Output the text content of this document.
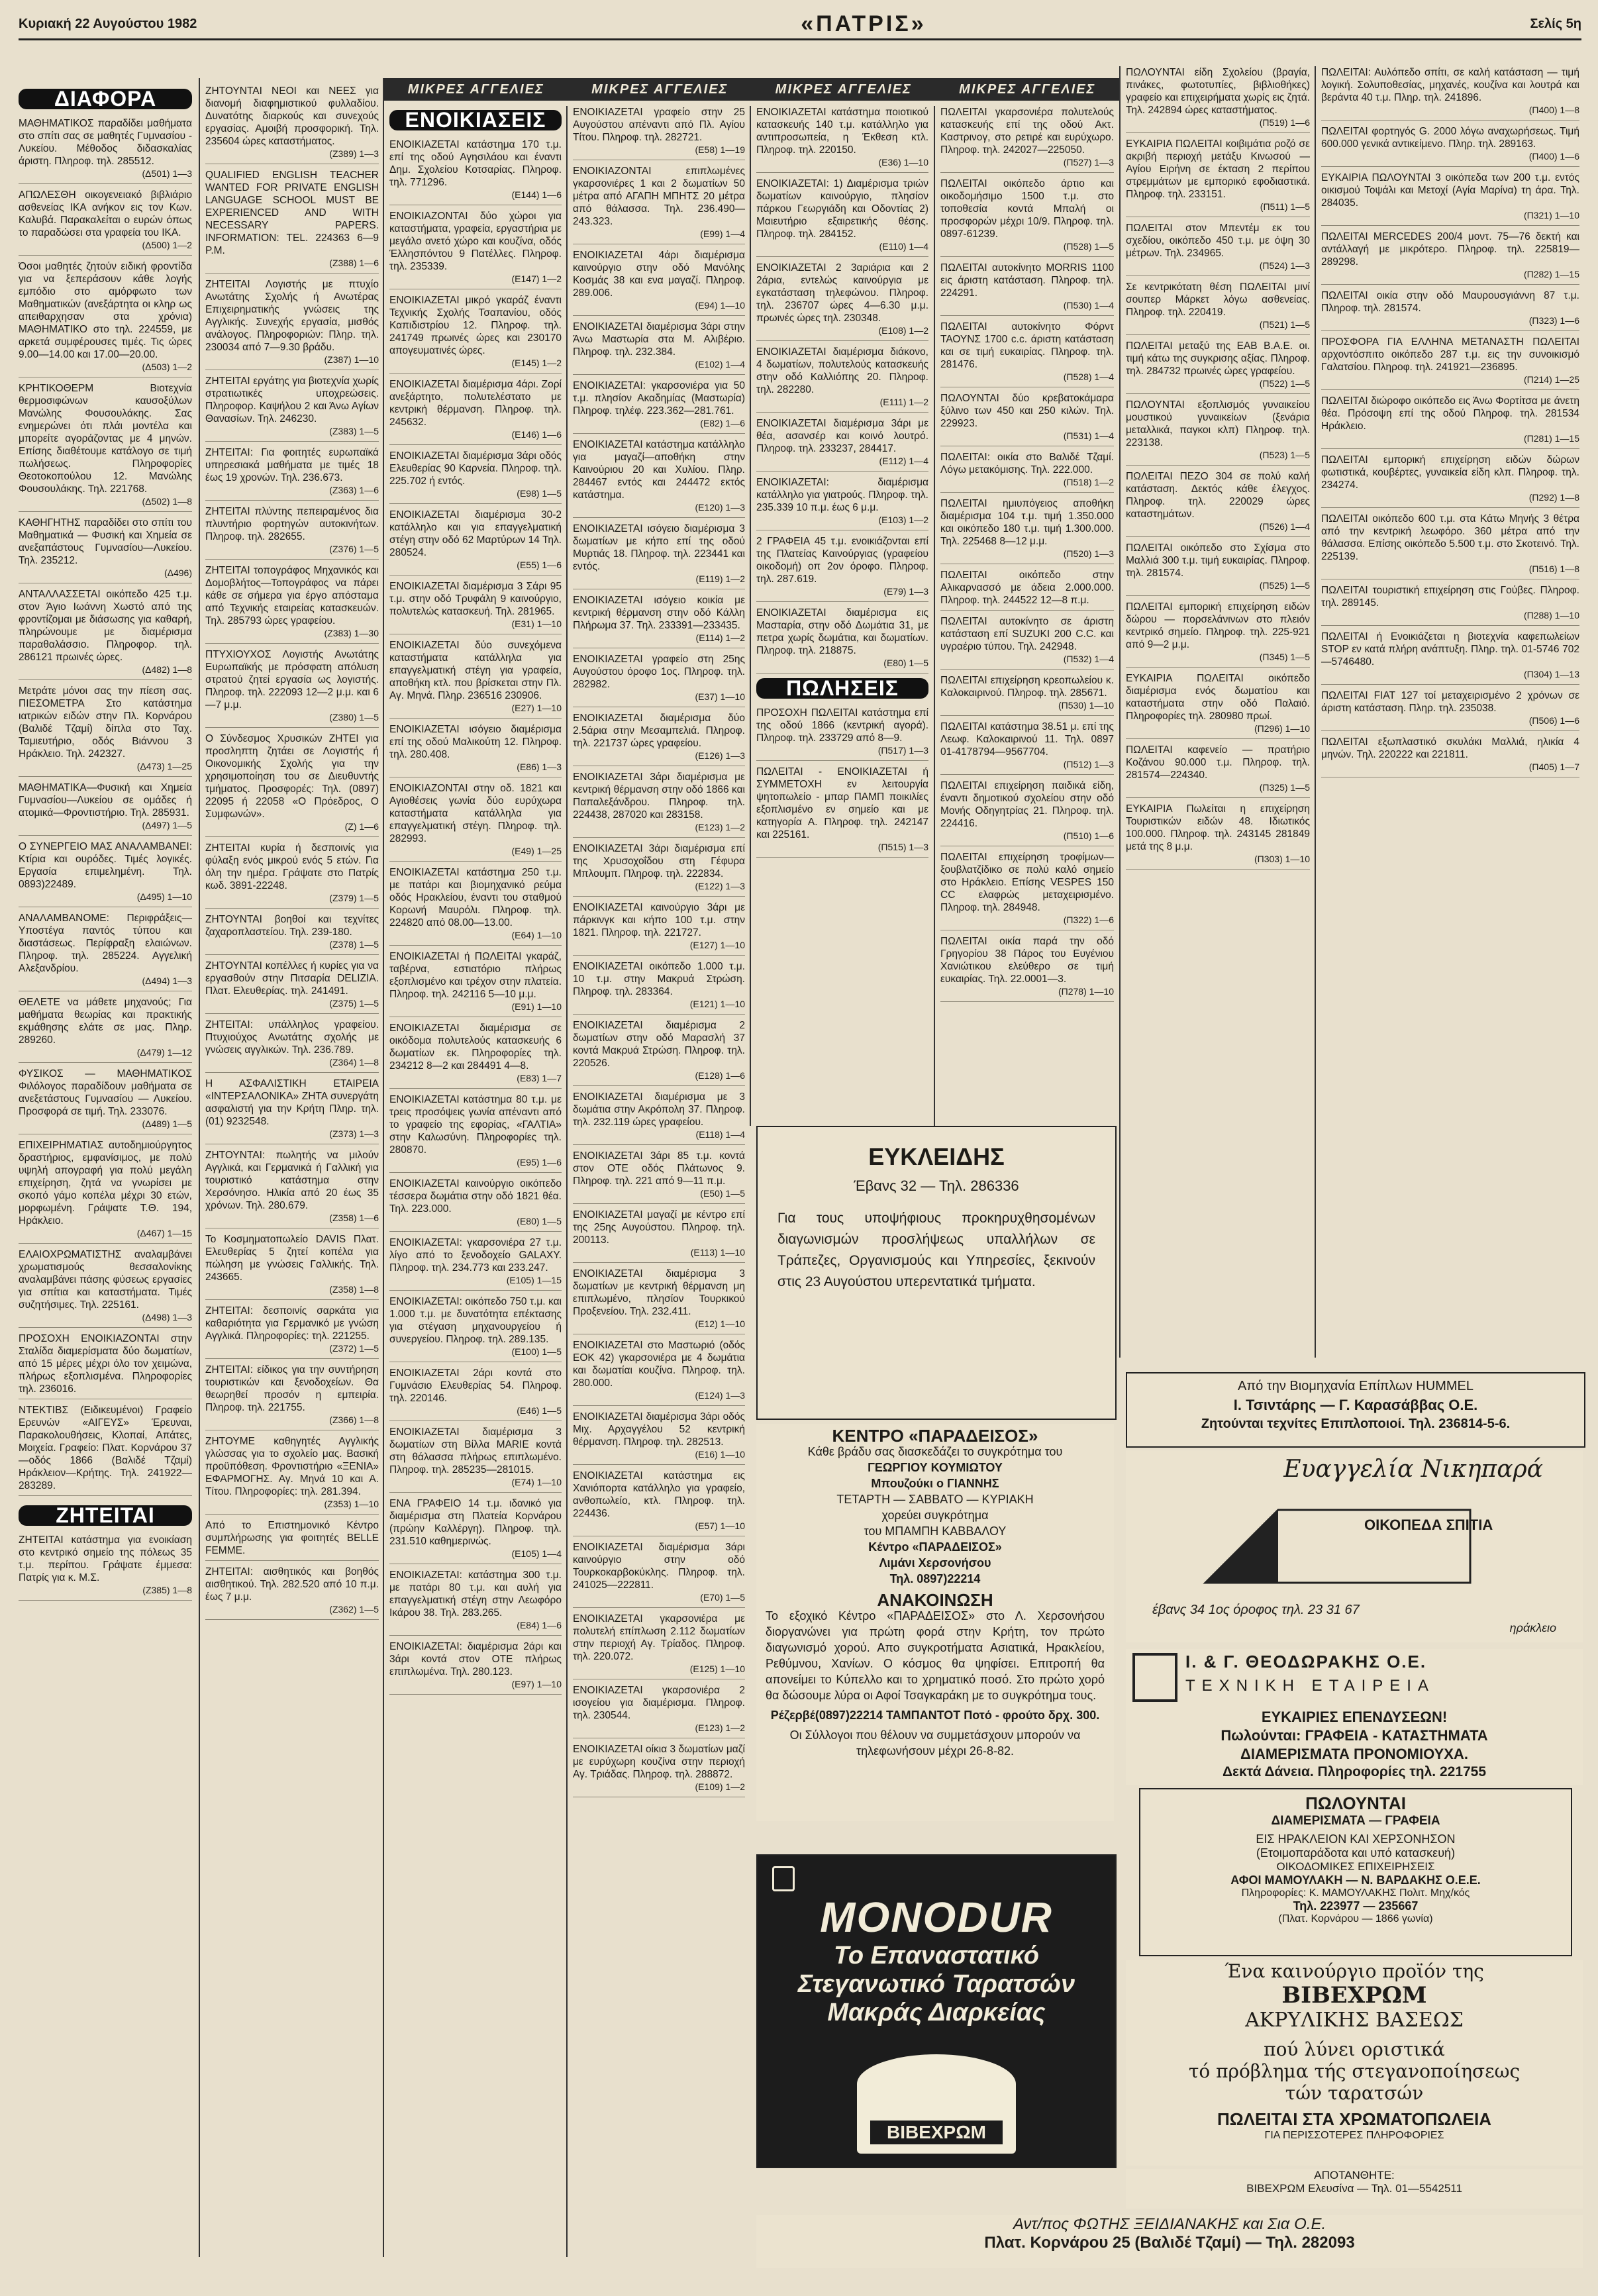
Κυριακή 22 Αυγούστου 1982	«ΠΑΤΡΙΣ»	Σελίς 5η
ΜΙΚΡΕΣ ΑΓΓΕΛΙΕΣ	ΜΙΚΡΕΣ ΑΓΓΕΛΙΕΣ	ΜΙΚΡΕΣ ΑΓΓΕΛΙΕΣ	ΜΙΚΡΕΣ ΑΓΓΕΛΙΕΣ
ΔΙΑΦΟΡΑ
ΜΑΘΗΜΑΤΙΚΟΣ παραδίδει μαθήματα στο σπίτι σας σε μαθητές Γυμνασίου - Λυκείου. Μέθοδος διδασκαλίας άριστη. Πληροφ. τηλ. 285512.
(Δ501) 1—3
ΑΠΩΛΕΣΘΗ οικογενειακό βιβλιάριο ασθενείας ΙΚΑ ανήκον εις τον Κων. Καλυβά. Παρακαλείται ο ευρών όπως το παραδώσει στα γραφεία του ΙΚΑ.
(Δ500) 1—2
Όσοι μαθητές ζητούν ειδική φροντίδα για να ξεπεράσουν κάθε λογής εμπόδιο στο αμόρφωτο των Μαθηματικών (ανεξάρτητα οι κληρ ως απειθαρχησαν στα χρόνια) ΜΑΘΗΜΑΤΙΚΟ στο τηλ. 224559, με αρκετά συμφέρουσες τιμές. Τις ώρες 9.00—14.00 και 17.00—20.00.
(Δ503) 1—2
ΚΡΗΤΙΚΟΘΕΡΜ Βιοτεχνία θερμοσιφώνων καυσοξύλων Μανώλης Φουσουλάκης. Σας ενημερώνει ότι πλάι μοντέλα και μπορείτε αγοράζοντας με 4 μηνών. Επίσης διαθέτουμε κατάλογο σε τιμή πωλήσεως. Πληροφορίες Θεοτοκοπούλου 12. Μανώλης Φουσουλάκης. Τηλ. 221768.
(Δ502) 1—8
ΚΑΘΗΓΗΤΗΣ παραδίδει στο σπίτι του Μαθηματικά — Φυσική και Χημεία σε ανεξαπάστους Γυμνασίου—Λυκείου. Τηλ. 235212.
(Δ496)
ΑΝΤΑΛΛΑΣΣΕΤΑΙ οικόπεδο 425 τ.μ. στον Άγιο Ιωάννη Χωστό από της φροντίζομαι με διάσωσης για καθαρή, πληρώνουμε με διαμέρισμα παραθαλάσσιο. Πληροφορ. τηλ. 286121 πρωινές ώρες.
(Δ482) 1—8
Μετράτε μόνοι σας την πίεση σας. ΠΙΕΣΟΜΕΤΡΑ Στο κατάστημα ιατρικών ειδών στην Πλ. Κορνάρου (Βαλιδέ Τζαμί) δίπλα στο Ταχ. Ταμιευτήριο, οδός Βιάννου 3 Ηράκλειο. Τηλ. 242327.
(Δ473) 1—25
ΜΑΘΗΜΑΤΙΚΑ—Φυσική και Χημεία Γυμνασίου—Λυκείου σε ομάδες ή ατομικά—Φροντιστήριο. Τηλ. 285931.
(Δ497) 1—5
Ο ΣΥΝΕΡΓΕΙΟ ΜΑΣ ΑΝΑΛΑΜΒΑΝΕΙ: Κτίρια και ουρόδες. Τιμές λογικές. Εργασία επιμελημένη. Τηλ. 0893)22489.
(Δ495) 1—10
ΑΝΑΛΑΜΒΑΝΟΜΕ: Περιφράξεις—Υποστέγα παντός τύπου και διαστάσεως. Περίφραξη ελαιώνων. Πληροφ. τηλ. 285224. Αγγελική Αλεξανδρίου.
(Δ494) 1—3
ΘΕΛΕΤΕ να μάθετε μηχανούς; Για μαθήματα θεωρίας και πρακτικής εκμάθησης ελάτε σε μας. Πληρ. 289260.
(Δ479) 1—12
ΦΥΣΙΚΟΣ — ΜΑΘΗΜΑΤΙΚΟΣ Φιλόλογος παραδίδουν μαθήματα σε ανεξετάστους Γυμνασίου — Λυκείου. Προσφορά σε τιμή. Τηλ. 233076.
(Δ489) 1—5
ΕΠΙΧΕΙΡΗΜΑΤΙΑΣ αυτοδημιούργητος δραστήριος, εμφανίσιμος, με πολύ υψηλή απογραφή για πολύ μεγάλη επιχείρηση, ζητά να γνωρίσει με σκοπό γάμο κοπέλα μέχρι 30 ετών, μορφωμένη. Γράψατε Τ.Θ. 194, Ηράκλειο.
(Δ467) 1—15
ΕΛΑΙΟΧΡΩΜΑΤΙΣΤΗΣ αναλαμβάνει χρωματισμούς θεσσαλονίκης αναλαμβάνει πάσης φύσεως εργασίες για σπίτια και καταστήματα. Τιμές συζητήσιμες. Τηλ. 225161.
(Δ498) 1—3
ΠΡΟΣΟΧΗ ΕΝΟΙΚΙΑΖΟΝΤΑΙ στην Σταλίδα διαμερίσματα δύο δωματίων, από 15 μέρες μέχρι όλο τον χειμώνα, πλήρως εξοπλισμένα. Πληροφορίες τηλ. 236016.
ΝΤΕΚΤΙΒΣ (Ειδικευμένοι) Γραφείο Ερευνών «ΑΙΓΕΥΣ» Έρευναι, Παρακολουθήσεις, Κλοπαί, Απάτες, Μοιχεία. Γραφείο: Πλατ. Κορνάρου 37—οδός 1866 (Βαλιδέ Τζαμί) Ηράκλειον—Κρήτης. Τηλ. 241922—283289.
ΖΗΤΕΙΤΑΙ
ΖΗΤΕΙΤΑΙ κατάστημα για ενοικίαση στο κεντρικό σημείο της πόλεως 35 τ.μ. περίπου. Γράψατε έμμεσα: Πατρίς για κ. Μ.Σ.
(Z385) 1—8
ΖΗΤΟΥΝΤΑΙ ΝΕΟΙ και ΝΕΕΣ για διανομή διαφημιστικού φυλλαδίου. Δυνατότης διαρκούς και συνεχούς εργασίας. Αμοιβή προσφορική. Τηλ. 235604 ώρες καταστήματος.
(Z389) 1—3
QUALIFIED ENGLISH TEACHER WANTED FOR PRIVATE ENGLISH LANGUAGE SCHOOL MUST BE EXPERIENCED AND WITH NECESSARY PAPERS. INFORMATION: TEL. 224363 6—9 P.M.
(Z388) 1—6
ΖΗΤΕΙΤΑΙ Λογιστής με πτυχίο Ανωτάτης Σχολής ή Ανωτέρας Επιχειρηματικής γνώσεις της Αγγλικής. Συνεχής εργασία, μισθός ανάλογος. Πληροφοριών: Πληρ. τηλ. 230034 από 7—9.30 βράδυ.
(Z387) 1—10
ΖΗΤΕΙΤΑΙ εργάτης για βιοτεχνία χωρίς στρατιωτικές υποχρεώσεις. Πληροφορ. Καψήλου 2 και Άνω Αγίων Θανασίων. Τηλ. 246230.
(Z383) 1—5
ΖΗΤΕΙΤΑΙ: Για φοιτητές ευρωπαϊκά υπηρεσιακά μαθήματα με τιμές 18 έως 19 χρονών. Τηλ. 236.673.
(Z363) 1—6
ΖΗΤΕΙΤΑΙ πλύντης πεπειραμένος δια πλυντήριο φορτηγών αυτοκινήτων. Πληροφ. τηλ. 282655.
(Z376) 1—5
ΖΗΤΕΙΤΑΙ τοπογράφος Μηχανικός και Δομοβλήτος—Τοπογράφος να πάρει κάθε σε σήμερα για έργο απόσταμα από Τεχνικής εταιρείας κατασκευών. Τηλ. 285793 ώρες γραφείου.
(Z383) 1—30
ΠΤΥΧΙΟΥΧΟΣ Λογιστής Ανωτάτης Ευρωπαϊκής με πρόσφατη απόλυση στρατού ζητεί εργασία ως λογιστής. Πληροφ. τηλ. 222093 12—2 μ.μ. και 6—7 μ.μ.
(Z380) 1—5
Ο Σύνδεσμος Χρυσικών ΖΗΤΕΙ για προσληπτη ζητάει σε Λογιστής ή Οικονομικής Σχολής για την χρησιμοποίηση του σε Διευθυντής τμήματος. Προσφορές: Τηλ. (0897) 22095 ή 22058 «Ο Πρόεδρος, Ο Συμφωνών».
(Z) 1—6
ΖΗΤΕΙΤΑΙ κυρία ή δεσποινίς για φύλαξη ενός μικρού ενός 5 ετών. Για όλη την ημέρα. Γράψατε στο Πατρίς κωδ. 3891-22248.
(Z379) 1—5
ΖΗΤΟΥΝΤΑΙ βοηθοί και τεχνίτες ζαχαροπλαστείου. Τηλ. 239-180.
(Z378) 1—5
ΖΗΤΟΥΝΤΑΙ κοπέλλες ή κυρίες για να εργασθούν στην Πιτσαρία DELIZIA. Πλατ. Ελευθερίας. τηλ. 241491.
(Z375) 1—5
ΖΗΤΕΙΤΑΙ: υπάλληλος γραφείου. Πτυχιούχος Ανωτάτης σχολής με γνώσεις αγγλικών. Τηλ. 236.789.
(Z364) 1—8
Η ΑΣΦΑΛΙΣΤΙΚΗ ΕΤΑΙΡΕΙΑ «ΙΝΤΕΡΣΑΛΟΝΙΚΑ» ΖΗΤΑ συνεργάτη ασφαλιστή για την Κρήτη Πληρ. τηλ. (01) 9232548.
(Z373) 1—3
ΖΗΤΟΥΝΤΑΙ: πωλητής να μιλούν Αγγλικά, και Γερμανικά ή Γαλλική για τουριστικό κατάστημα στην Χερσόνησο. Ηλικία από 20 έως 35 χρόνων. Τηλ. 280.679.
(Z358) 1—6
Το Κοσμηματοπωλείο DAVIS Πλατ. Ελευθερίας 5 ζητεί κοπέλα για πώληση με γνώσεις Γαλλικής. Τηλ. 243665.
(Z358) 1—8
ΖΗΤΕΙΤΑΙ: δεσποινίς σαρκάτα για καθαριότητα για Γερμανικό με γνώση Αγγλικά. Πληροφορίες: τηλ. 221255.
(Z372) 1—5
ΖΗΤΕΙΤΑΙ: είδικος για την συντήρηση τουριστικών και ξενοδοχείων. Θα θεωρηθεί προσόν η εμπειρία. Πληροφ. τηλ. 221755.
(Z366) 1—8
ΖΗΤΟΥΜΕ καθηγητές Αγγλικής γλώσσας για το σχολείο μας. Βασική προϋπόθεση. Φροντιστήριο «ΞΕΝΙΑ» ΕΦΑΡΜΟΓΗΣ. Αγ. Μηνά 10 και Α. Τίτου. Πληροφορίες: τηλ. 281.394.
(Z353) 1—10
Από το Επιστημονικό Κέντρο συμπλήρωσης για φοιτητές BELLE FEMME.
ΖΗΤΕΙΤΑΙ: αισθητικός και βοηθός αισθητικού. Τηλ. 282.520 από 10 π.μ. έως 7 μ.μ.
(Z362) 1—5
ΕΝΟΙΚΙΑΣΕΙΣ
ΕΝΟΙΚΙΑΖΕΤΑΙ κατάστημα 170 τ.μ. επί της οδού Αγησιλάου και έναντι Δημ. Σχολείου Κοτσαρίας. Πληροφ. τηλ. 771296.
(E144) 1—6
ΕΝΟΙΚΙΑΖΟΝΤΑΙ δύο χώροι για καταστήματα, γραφεία, εργαστήρια με μεγάλο ανετό χώρο και κουζίνα, οδός Έλλησπόντου 9 Πατέλλες. Πληροφ. τηλ. 235339.
(E147) 1—2
ΕΝΟΙΚΙΑΖΕΤΑΙ μικρό γκαράζ έναντι Τεχνικής Σχολής Τσαπανίου, οδός Καπιδιστρίου 12. Πληροφ. τηλ. 241749 πρωινές ώρες και 230170 απογευματινές ώρες.
(E145) 1—2
ΕΝΟΙΚΙΑΖΕΤΑΙ διαμέρισμα 4άρι. Ζορί ανεξάρτητο, πολυτελέστατο με κεντρική θέρμανση. Πληροφ. τηλ. 245632.
(E146) 1—6
ΕΝΟΙΚΙΑΖΕΤΑΙ διαμέρισμα 3άρι οδός Ελευθερίας 90 Καρνεία. Πληροφ. τηλ. 225.702 ή εντός.
(E98) 1—5
ΕΝΟΙΚΙΑΖΕΤΑΙ διαμέρισμα 30-2 κατάλληλο και για επαγγελματική στέγη στην οδό 62 Μαρτύρων 14 Τηλ. 280524.
(E55) 1—6
ΕΝΟΙΚΙΑΖΕΤΑΙ διαμέρισμα 3 Σάρι 95 τ.μ. στην οδό Τρυφάλη 9 καινούργιο, πολυτελώς κατασκευή. Τηλ. 281965.
(E31) 1—10
ΕΝΟΙΚΙΑΖΕΤΑΙ δύο συνεχόμενα καταστήματα κατάλληλα για επαγγελματική στέγη για γραφεία, αποθήκη κτλ. που βρίσκεται στην Πλ. Αγ. Μηνά. Πληρ. 236516 230906.
(E27) 1—10
ΕΝΟΙΚΙΑΖΕΤΑΙ ισόγειο διαμέρισμα επί της οδού Μαλικούτη 12. Πληροφ. τηλ. 280.408.
(E86) 1—3
ΕΝΟΙΚΙΑΖΟΝΤΑΙ στην οδ. 1821 και Αγιοθέσεις γωνία δύο ευρύχωρα καταστήματα κατάλληλα για επαγγελματική στέγη. Πληροφ. τηλ. 282993.
(E49) 1—25
ΕΝΟΙΚΙΑΖΕΤΑΙ κατάστημα 250 τ.μ. με πατάρι και βιομηχανικό ρεύμα οδός Ηρακλείου, έναντι του σταθμού Κορωνή Μαυρόλι. Πληροφ. τηλ. 224820 από 08.00—13.00.
(E64) 1—10
ΕΝΟΙΚΙΑΖΕΤΑΙ ή ΠΩΛΕΙΤΑΙ γκαράζ, ταβέρνα, εστιατόριο πλήρως εξοπλισμένο και τρέχον στην πλατεία. Πληροφ. τηλ. 242116 5—10 μ.μ.
(E91) 1—10
ΕΝΟΙΚΙΑΖΕΤΑΙ διαμέρισμα σε οικόδομα πολυτελούς κατασκευής 6 δωματίων εκ. Πληροφορίες τηλ. 234212 8—2 και 284491 4—8.
(E83) 1—7
ΕΝΟΙΚΙΑΖΕΤΑΙ κατάστημα 80 τ.μ. με τρεις προσόψεις γωνία απέναντι από το γραφείο της εφορίας, «ΓΑΛΤΙΑ» στην Καλωσύνη. Πληροφορίες τηλ. 280870.
(E95) 1—6
ΕΝΟΙΚΙΑΖΕΤΑΙ καινούργιο οικόπεδο τέσσερα δωμάτια στην οδό 1821 θέα. Τηλ. 223.000.
(E80) 1—5
ΕΝΟΙΚΙΑΖΕΤΑΙ: γκαρσονιέρα 27 τ.μ. λίγο από το ξενοδοχείο GALAXY. Πληροφ. τηλ. 234.773 και 233.247.
(E105) 1—15
ΕΝΟΙΚΙΑΖΕΤΑΙ: οικόπεδο 750 τ.μ. και 1.000 τ.μ. με δυνατότητα επέκτασης για στέγαση μηχανουργείου ή συνεργείου. Πληροφ. τηλ. 289.135.
(E100) 1—5
ΕΝΟΙΚΙΑΖΕΤΑΙ 2άρι κοντά στο Γυμνάσιο Ελευθερίας 54. Πληροφ. τηλ. 220146.
(E46) 1—5
ΕΝΟΙΚΙΑΖΕΤΑΙ διαμέρισμα 3 δωματίων στη Βίλλα MARIE κοντά στη θάλασσα πλήρως επιπλωμένο. Πληροφ. τηλ. 285235—281015.
(E74) 1—10
ΕΝΑ ΓΡΑΦΕΙΟ 14 τ.μ. ιδανικό για διαμέρισμα στη Πλατεία Κορνάρου (πρώην Καλλέργη). Πληροφ. τηλ. 231.510 καθημερινώς.
(E105) 1—4
ΕΝΟΙΚΙΑΖΕΤΑΙ: κατάστημα 300 τ.μ. με πατάρι 80 τ.μ. και αυλή για επαγγελματική στέγη στην Λεωφόρο Ικάρου 38. Τηλ. 283.265.
(E84) 1—6
ΕΝΟΙΚΙΑΖΕΤΑΙ: διαμέρισμα 2άρι και 3άρι κοντά στον ΟΤΕ πλήρως επιπλωμένα. Τηλ. 280.123.
(E97) 1—10
ΕΝΟΙΚΙΑΖΕΤΑΙ γραφείο στην 25 Αυγούστου απέναντι από Πλ. Αγίου Τίτου. Πληροφ. τηλ. 282721.
(E58) 1—19
ΕΝΟΙΚΙΑΖΟΝΤΑΙ επιπλωμένες γκαρσονιέρες 1 και 2 δωματίων 50 μέτρα από ΑΓΑΠΗ ΜΠΗΤΣ 20 μέτρα από θάλασσα. Τηλ. 236.490—243.323.
(E99) 1—4
ΕΝΟΙΚΙΑΖΕΤΑΙ 4άρι διαμέρισμα καινούργιο στην οδό Μανόλης Κοσμάς 38 και ενα μαγαζί. Πληροφ. 289.006.
(E94) 1—10
ΕΝΟΙΚΙΑΖΕΤΑΙ διαμέρισμα 3άρι στην Άνω Μαστωρία στα Μ. Αλιβέριο. Πληροφ. τηλ. 232.384.
(E102) 1—4
ΕΝΟΙΚΙΑΖΕΤΑΙ: γκαρσονιέρα για 50 τ.μ. πλησίον Ακαδημίας (Μαστωρία) Πληροφ. τηλέφ. 223.362—281.761.
(E82) 1—6
ΕΝΟΙΚΙΑΖΕΤΑΙ κατάστημα κατάλληλο για μαγαζί—αποθήκη στην Καινούριου 20 και Χυλίου. Πληρ. 284467 εντός και 244472 εκτός κατάστημα.
(E120) 1—3
ΕΝΟΙΚΙΑΖΕΤΑΙ ισόγειο διαμέρισμα 3 δωματίων με κήπο επί της οδού Μυρτιάς 18. Πληροφ. τηλ. 223441 και εντός.
(E119) 1—2
ΕΝΟΙΚΙΑΖΕΤΑΙ ισόγειο κοικία με κεντρική θέρμανση στην οδό Κάλλη Πλήρωμα 37. Τηλ. 233391—233435.
(E114) 1—2
ΕΝΟΙΚΙΑΖΕΤΑΙ γραφείο στη 25ης Αυγούστου όροφο 1ος. Πληροφ. τηλ. 282982.
(E37) 1—10
ΕΝΟΙΚΙΑΖΕΤΑΙ διαμέρισμα δύο 2.5άρια στην Μεσαμπελιά. Πληροφ. τηλ. 221737 ώρες γραφείου.
(E126) 1—3
ΕΝΟΙΚΙΑΖΕΤΑΙ 3άρι διαμέρισμα με κεντρική θέρμανση στην οδό 1866 και Παπαλεξάνδρου. Πληροφ. τηλ. 224438, 287020 και 283158.
(E123) 1—2
ΕΝΟΙΚΙΑΖΕΤΑΙ 3άρι διαμέρισμα επί της Χρυσοχοΐδου στη Γέφυρα Μπλουμπ. Πληροφ. τηλ. 222834.
(E122) 1—3
ΕΝΟΙΚΙΑΖΕΤΑΙ καινούργιο 3άρι με πάρκινγκ και κήπο 100 τ.μ. στην 1821. Πληροφ. τηλ. 221727.
(E127) 1—10
ΕΝΟΙΚΙΑΖΕΤΑΙ οικόπεδο 1.000 τ.μ. 10 τ.μ. στην Μακρυά Στρώση. Πληροφ. τηλ. 283364.
(E121) 1—10
ΕΝΟΙΚΙΑΖΕΤΑΙ διαμέρισμα 2 δωματίων στην οδό Μαρασλή 37 κοντά Μακρυά Στρώση. Πληροφ. τηλ. 220526.
(E128) 1—6
ΕΝΟΙΚΙΑΖΕΤΑΙ διαμέρισμα με 3 δωμάτια στην Ακρόπολη 37. Πληροφ. τηλ. 232.119 ώρες γραφείου.
(E118) 1—4
ΕΝΟΙΚΙΑΖΕΤΑΙ 3άρι 85 τ.μ. κοντά στον ΟΤΕ οδός Πλάτωνος 9. Πληροφ. τηλ. 221 από 9—11 π.μ.
(E50) 1—5
ΕΝΟΙΚΙΑΖΕΤΑΙ μαγαζί με κέντρο επί της 25ης Αυγούστου. Πληροφ. τηλ. 200113.
(E113) 1—10
ΕΝΟΙΚΙΑΖΕΤΑΙ διαμέρισμα 3 δωματίων με κεντρική θέρμανση μη επιπλωμένο, πλησίον Τουρκικού Προξενείου. Τηλ. 232.411.
(E12) 1—10
ΕΝΟΙΚΙΑΖΕΤΑΙ στο Μαστωριό (οδός ΕΟΚ 42) γκαρσονιέρα με 4 δωμάτια και δωματίαι κουζίνα. Πληροφ. τηλ. 280.000.
(E124) 1—3
ΕΝΟΙΚΙΑΖΕΤΑΙ διαμέρισμα 3άρι οδός Μιχ. Αρχαγγέλου 52 κεντρική θέρμανση. Πληροφ. τηλ. 282513.
(E16) 1—10
ΕΝΟΙΚΙΑΖΕΤΑΙ κατάστημα εις Χανιόπορτα κατάλληλο για γραφείο, ανθοπωλείο, κτλ. Πληροφ. τηλ. 224436.
(E57) 1—10
ΕΝΟΙΚΙΑΖΕΤΑΙ διαμέρισμα 3άρι καινούργιο στην οδό Τουρκοκαρβοκύκλης. Πληροφ. τηλ. 241025—222811.
(E70) 1—5
ΕΝΟΙΚΙΑΖΕΤΑΙ γκαρσονιέρα με πολυτελή επίπλωση 2.112 δωματίων στην περιοχή Αγ. Τρίαδος. Πληροφ. τηλ. 220.072.
(E125) 1—10
ΕΝΟΙΚΙΑΖΕΤΑΙ γκαρσονιέρα 2 ισογείου για διαμέρισμα. Πληροφ. τηλ. 230544.
(E123) 1—2
ΕΝΟΙΚΙΑΖΕΤΑΙ οίκια 3 δωματίων μαζί με ευρύχωρη κουζίνα στην περιοχή Αγ. Τριάδας. Πληροφ. τηλ. 288872.
(E109) 1—2
ΕΝΟΙΚΙΑΖΕΤΑΙ κατάστημα ποιοτικού κατασκευής 140 τ.μ. κατάλληλο για αντιπροσωπεία, η Έκθεση κτλ. Πληροφ. τηλ. 220150.
(E36) 1—10
ΕΝΟΙΚΙΑΖΕΤΑΙ: 1) Διαμέρισμα τριών δωματίων καινούργιο, πλησίον πάρκου Γεωργιάδη και Οδοντίας 2) Μαιευτήριο εξαιρετικής θέσης. Πληροφ. τηλ. 284152.
(E110) 1—4
ΕΝΟΙΚΙΑΖΕΤΑΙ 2 3αριάρια και 2 2άρια, εντελώς καινούργια με εγκατάσταση τηλεφώνου. Πληροφ. τηλ. 236707 ώρες 4—6.30 μ.μ. πρωινές ώρες τηλ. 230348.
(E108) 1—2
ΕΝΟΙΚΙΑΖΕΤΑΙ διαμέρισμα διάκονο, 4 δωματίων, πολυτελούς κατασκευής στην οδό Καλλιόπης 20. Πληροφ. τηλ. 282280.
(E111) 1—2
ΕΝΟΙΚΙΑΖΕΤΑΙ διαμέρισμα 3άρι με θέα, ασανσέρ και κοινό λουτρό. Πληροφ. τηλ. 233237, 284417.
(E112) 1—4
ΕΝΟΙΚΙΑΖΕΤΑΙ: διαμέρισμα κατάλληλο για γιατρούς. Πληροφ. τηλ. 235.339 10 π.μ. έως 6 μ.μ.
(E103) 1—2
2 ΓΡΑΦΕΙΑ 45 τ.μ. ενοικιάζονται επί της Πλατείας Καινούργιας (γραφείου οικοδομή) οπ 2ον όροφο. Πληροφ. τηλ. 287.619.
(E79) 1—3
ΕΝΟΙΚΙΑΖΕΤΑΙ διαμέρισμα εις Μασταρία, στην οδό Δωμάτια 31, με πετρα χωρίς δωμάτια, και δωματίων. Πληροφ. τηλ. 218875.
(E80) 1—5
ΠΩΛΗΣΕΙΣ
ΠΡΟΣΟΧΗ ΠΩΛΕΙΤΑΙ κατάστημα επί της οδού 1866 (κεντρική αγορά). Πληροφ. τηλ. 233729 από 8—9.
(Π517) 1—3
ΠΩΛΕΙΤΑΙ - ΕΝΟΙΚΙΑΖΕΤΑΙ ή ΣΥΜΜΕΤΟΧΗ εν λειτουργία ψητοπωλείο - μπαρ ΠΑΜΠ ποικιλίες εξοπλισμένο εν σημείο και με κατηγορία Α. Πληροφ. τηλ. 242147 και 225161.
(Π515) 1—3
ΠΩΛΕΙΤΑΙ γκαρσονιέρα πολυτελούς κατασκευής επί της οδού Ακτ. Καστρινογ, στο ρετιρέ και ευρύχωρο. Πληροφ. τηλ. 242027—225050.
(Π527) 1—3
ΠΩΛΕΙΤΑΙ οικόπεδο άρτιο και οικοδομήσιμο 1500 τ.μ. στο τοποθεσία κοντά Μπαλή οι προσφορών μέχρι 10/9. Πληροφ. τηλ. 0897-61239.
(Π528) 1—5
ΠΩΛΕΙΤΑΙ αυτοκίνητο MORRIS 1100 εις άριστη κατάσταση. Πληροφ. τηλ. 224291.
(Π530) 1—4
ΠΩΛΕΙΤΑΙ αυτοκίνητο Φόρντ ΤΑΟΥΝΣ 1700 c.c. άριστη κατάσταση και σε τιμή ευκαιρίας. Πληροφ. τηλ. 281476.
(Π528) 1—4
ΠΩΛΟΥΝΤΑΙ δύο κρεβατοκάμαρα ξύλινο των 450 και 250 κιλών. Τηλ. 229923.
(Π531) 1—4
ΠΩΛΕΙΤΑΙ: οικία στο Βαλιδέ Τζαμί. Λόγω μετακόμισης. Τηλ. 222.000.
(Π518) 1—2
ΠΩΛΕΙΤΑΙ ημιυπόγειος αποθήκη διαμέρισμα 104 τ.μ. τιμή 1.350.000 και οικόπεδο 180 τ.μ. τιμή 1.300.000. Τηλ. 225468 8—12 μ.μ.
(Π520) 1—3
ΠΩΛΕΙΤΑΙ οικόπεδο στην Αλικαρνασσό με άδεια 2.000.000. Πληροφ. τηλ. 244522 12—8 π.μ.
ΠΩΛΕΙΤΑΙ αυτοκίνητο σε άριστη κατάσταση επί SUZUKI 200 C.C. και υγραέριο τύπου. Τηλ. 242948.
(Π532) 1—4
ΠΩΛΕΙΤΑΙ επιχείρηση κρεοπωλείου κ. Καλοκαιρινού. Πληροφ. τηλ. 285671.
(Π530) 1—10
ΠΩΛΕΙΤΑΙ κατάστημα 38.51 μ. επί της Λεωφ. Καλοκαιρινού 11. Τηλ. 0897 01-4178794—9567704.
(Π512) 1—3
ΠΩΛΕΙΤΑΙ επιχείρηση παιδικά είδη, έναντι δημοτικού σχολείου στην οδό Μονής Οδηγητρίας 21. Πληροφ. τηλ. 224416.
(Π510) 1—6
ΠΩΛΕΙΤΑΙ επιχείρηση τροφίμων—ξουβλατζίδικο σε πολύ καλό σημείο στο Ηράκλειο. Επίσης VESPES 150 CC ελαφρώς μεταχειρισμένο. Πληροφ. τηλ. 284948.
(Π322) 1—6
ΠΩΛΕΙΤΑΙ οικία παρά την οδό Γρηγορίου 38 Πάρος του Ευγένιου Χανιώτικου ελεύθερο σε τιμή ευκαιρίας. Τηλ. 22.0001—3.
(Π278) 1—10
ΠΩΛΟΥΝΤΑΙ είδη Σχολείου (βραγία, πινάκες, φωτοτυπίες, βιβλιοθήκες) γραφείο και επιχειρήματα χωρίς εις ζητά. Τηλ. 242894 ώρες καταστήματος.
(Π519) 1—6
ΕΥΚΑΙΡΙΑ ΠΩΛΕΙΤΑΙ κοιβιμάτια ροζό σε ακριβή περιοχή μετάξυ Κινωσού — Αγίου Ειρήνη σε έκταση 2 περίπου στρεμμάτων με εμπορικό εφοδιαστικά. Πληροφ. τηλ. 233151.
(Π511) 1—5
ΠΩΛΕΙΤΑΙ στον Μπεντέμ εκ του σχεδίου, οικόπεδο 450 τ.μ. με όψη 30 μέτρων. Τηλ. 234965.
(Π524) 1—3
Σε κεντρικότατη θέση ΠΩΛΕΙΤΑΙ μινί σουπερ Μάρκετ λόγω ασθενείας. Πληροφ. τηλ. 220419.
(Π521) 1—5
ΠΩΛΕΙΤΑΙ μεταξύ της ΕΑΒ Β.Α.Ε. οι. τιμή κάτω της συγκρισης αξίας. Πληροφ. τηλ. 284732 πρωινές ώρες γραφείου.
(Π522) 1—5
ΠΩΛΟΥΝΤΑΙ εξοπλισμός γυναικείου μουστικού γυναικείων (ξενάρια μεταλλικά, παγκοι κλπ) Πληροφ. τηλ. 223138.
(Π523) 1—5
ΠΩΛΕΙΤΑΙ ΠΕΖΟ 304 σε πολύ καλή κατάσταση. Δεκτός κάθε έλεγχος. Πληροφ. τηλ. 220029 ώρες καταστημάτων.
(Π526) 1—4
ΠΩΛΕΙΤΑΙ οικόπεδο στο Σχίσμα στο Μαλλιά 300 τ.μ. τιμή ευκαιρίας. Πληροφ. τηλ. 281574.
(Π525) 1—5
ΠΩΛΕΙΤΑΙ εμπορική επιχείρηση ειδών δώρου — πορσελάνινων στο πλειόν κεντρικό σημείο. Πληροφ. τηλ. 225-921 από 9—2 μ.μ.
(Π345) 1—5
ΕΥΚΑΙΡΙΑ ΠΩΛΕΙΤΑΙ οικόπεδο διαμέρισμα ενός δωματίου και καταστήματα στην οδό Παλαιό. Πληροφορίες τηλ. 280980 πρωί.
(Π296) 1—10
ΠΩΛΕΙΤΑΙ καφενείο — πρατήριο Κοζάνου 90.000 τ.μ. Πληροφ. τηλ. 281574—224340.
(Π325) 1—5
ΕΥΚΑΙΡΙΑ Πωλείται η επιχείρηση Τουριστικών ειδών 48. Ιδιωτικός 100.000. Πληροφ. τηλ. 243145 281849 μετά της 8 μ.μ.
(Π303) 1—10
ΠΩΛΕΙΤΑΙ: Αυλόπεδο σπίτι, σε καλή κατάσταση — τιμή λογική. Σολυποθεσίας, μηχανές, κουζίνα και λουτρά και βεράντα 40 τ.μ. Πληρ. τηλ. 241896.
(Π400) 1—8
ΠΩΛΕΙΤΑΙ φορτηγός G. 2000 λόγω αναχωρήσεως. Τιμή 600.000 γενικά αντικείμενο. Πληρ. τηλ. 289163.
(Π400) 1—6
ΕΥΚΑΙΡΙΑ ΠΩΛΟΥΝΤΑΙ 3 οικόπεδα των 200 τ.μ. εντός οικισμού Τοψάλι και Μετοχί (Αγία Μαρίνα) τη άρα. Τηλ. 284035.
(Π321) 1—10
ΠΩΛΕΙΤΑΙ MERCEDES 200/4 μοντ. 75—76 δεκτή και αντάλλαγή με μικρότερο. Πληροφ. τηλ. 225819—289298.
(Π282) 1—15
ΠΩΛΕΙΤΑΙ οικία στην οδό Μαυρουσγιάννη 87 τ.μ. Πληροφ. τηλ. 281574.
(Π323) 1—6
ΠΡΟΣΦΟΡΑ ΓΙΑ ΕΛΛΗΝΑ ΜΕΤΑΝΑΣΤΗ ΠΩΛΕΙΤΑΙ αρχοντόσπιτο οικόπεδο 287 τ.μ. εις την συνοικισμό Γαλατσίου. Πληροφ. τηλ. 241921—236895.
(Π214) 1—25
ΠΩΛΕΙΤΑΙ διώροφο οικόπεδο εις Άνω Φορτίτσα με άνετη θέα. Πρόσοψη επί της οδού Πληροφ. τηλ. 281534 Ηράκλειο.
(Π281) 1—15
ΠΩΛΕΙΤΑΙ εμπορική επιχείρηση ειδών δώρων φωτιστικά, κουβέρτες, γυναικεία είδη κλπ. Πληροφ. τηλ. 234274.
(Π292) 1—8
ΠΩΛΕΙΤΑΙ οικόπεδο 600 τ.μ. στα Κάτω Μηνής 3 θέτρα από την κεντρική λεωφόρο. 360 μέτρα από την θάλασσα. Επίσης οικόπεδο 5.500 τ.μ. στο Σκοτεινό. Τηλ. 225139.
(Π516) 1—8
ΠΩΛΕΙΤΑΙ τουριστική επιχείρηση στις Γούβες. Πληροφ. τηλ. 289145.
(Π288) 1—10
ΠΩΛΕΙΤΑΙ ή Ενοικιάζεται η βιοτεχνία καφεπωλείων STOP εν κατά πλήρη ανάπτυξη. Πληρ. τηλ. 01-5746 702—5746480.
(Π304) 1—13
ΠΩΛΕΙΤΑΙ FIAT 127 τοί μεταχειρισμένο 2 χρόνων σε άριστη κατάσταση. Πληρ. τηλ. 235038.
(Π506) 1—6
ΠΩΛΕΙΤΑΙ εξωπλαστικό σκυλάκι Μαλλιά, ηλικία 4 μηνών. Τηλ. 220222 και 221811.
(Π405) 1—7
ΕΥΚΛΕΙΔΗΣ
Έβανς 32 — Τηλ. 286336
Για τους υποψήφιους προκηρυχθησομένων διαγωνισμών προσλήψεως υπαλλήλων σε Τράπεζες, Οργανισμούς και Υπηρεσίες, ξεκινούν στις 23 Αυγούστου υπερεντατικά τμήματα.
ΚΕΝΤΡΟ «ΠΑΡΑΔΕΙΣΟΣ»
Κάθε βράδυ σας διασκεδάζει το συγκρότημα του
ΓΕΩΡΓΙΟΥ ΚΟΥΜΙΩΤΟΥ
Μπουζούκι ο ΓΙΑΝΝΗΣ
ΤΕΤΑΡΤΗ — ΣΑΒΒΑΤΟ — ΚΥΡΙΑΚΗ
χορεύει συγκρότημα
του ΜΠΑΜΠΗ ΚΑΒΒΑΛΟΥ
Κέντρο «ΠΑΡΑΔΕΙΣΟΣ»
Λιμάνι Χερσονήσου
Τηλ. 0897)22214
ΑΝΑΚΟΙΝΩΣΗ
Το εξοχικό Κέντρο «ΠΑΡΑΔΕΙΣΟΣ» στο Λ. Χερσονήσου διοργανώνει για πρώτη φορά στην Κρήτη, τον πρώτο διαγωνισμό χορού. Απο συγκροτήματα Ασιατικά, Ηρακλείου, Ρεθύμνου, Χανίων. Ο κόσμος θα ψηφίσει. Επιτροπή θα απονείμει το Κύπελλο και το χρηματικό ποσό. Στο πρώτο χορό θα δώσουμε λύρα οι Αφοί Τσαγκαράκη με το συγκρότημα τους.
Ρέζερβέ(0897)22214 ΤΑΜΠΑΝΤΟΤ Ποτό - φρούτο δρχ. 300.
Οι Σύλλογοι που θέλουν να συμμετάσχουν μπορούν να τηλεφωνήσουν μέχρι 26-8-82.
MONODUR
Το Επαναστατικό
Στεγανωτικό Ταρατσών
Μακράς Διαρκείας
ΒΙΒΕΧΡΩΜ
Από την Βιομηχανία Επίπλων HUMMEL
Ι. Τσιντάρης — Γ. Καρασάββας Ο.Ε.
Ζητούνται τεχνίτες Επιπλοποιοί. Τηλ. 236814-5-6.
Ευαγγελία Νικηπαρά
ΟΙΚΟΠΕΔΑ ΣΠΙΤΙΑ
έβανς 34 1ος όροφος τηλ. 23 31 67
ηράκλειο
Ι. & Γ. ΘΕΟΔΩΡΑΚΗΣ Ο.Ε.
ΤΕΧΝΙΚΗ ΕΤΑΙΡΕΙΑ
ΕΥΚΑΙΡΙΕΣ ΕΠΕΝΔΥΣΕΩΝ!
Πωλούνται: ΓΡΑΦΕΙΑ - ΚΑΤΑΣΤΗΜΑΤΑ
ΔΙΑΜΕΡΙΣΜΑΤΑ ΠΡΟΝΟΜΙΟΥΧΑ.
Δεκτά Δάνεια. Πληροφορίες τηλ. 221755
ΠΩΛΟΥΝΤΑΙ
ΔΙΑΜΕΡΙΣΜΑΤΑ — ΓΡΑΦΕΙΑ
ΕΙΣ ΗΡΑΚΛΕΙΟΝ ΚΑΙ ΧΕΡΣΟΝΗΣΟΝ
(Ετοιμοπαράδοτα και υπό κατασκευή)
ΟΙΚΟΔΟΜΙΚΕΣ ΕΠΙΧΕΙΡΗΣΕΙΣ
ΑΦΟΙ ΜΑΜΟΥΛΑΚΗ — Ν. ΒΑΡΔΑΚΗΣ Ο.Ε.Ε.
Πληροφορίες: Κ. ΜΑΜΟΥΛΑΚΗΣ Πολιτ. Μηχ/κός
Τηλ. 223977 — 235667
(Πλατ. Κορνάρου — 1866 γωνία)
Ένα καινούργιο προϊόν της
ΒΙΒΕΧΡΩΜ
ΑΚΡΥΛΙΚΗΣ ΒΑΣΕΩΣ
πού λύνει οριστικά
τό πρόβλημα τής στεγανοποίησεως
τών ταρατσών
ΠΩΛΕΙΤΑΙ ΣΤΑ ΧΡΩΜΑΤΟΠΩΛΕΙΑ
ΓΙΑ ΠΕΡΙΣΣΟΤΕΡΕΣ ΠΛΗΡΟΦΟΡΙΕΣ
ΑΠΟΤΑΝΘΗΤΕ:
ΒΙΒΕΧΡΩΜ Ελευσίνα — Τηλ. 01—5542511
Αντ/πος ΦΩΤΗΣ ΞΕΙΔΙΑΝΑΚΗΣ και Σια Ο.Ε.
Πλατ. Κορνάρου 25 (Βαλιδέ Τζαμί) — Τηλ. 282093
